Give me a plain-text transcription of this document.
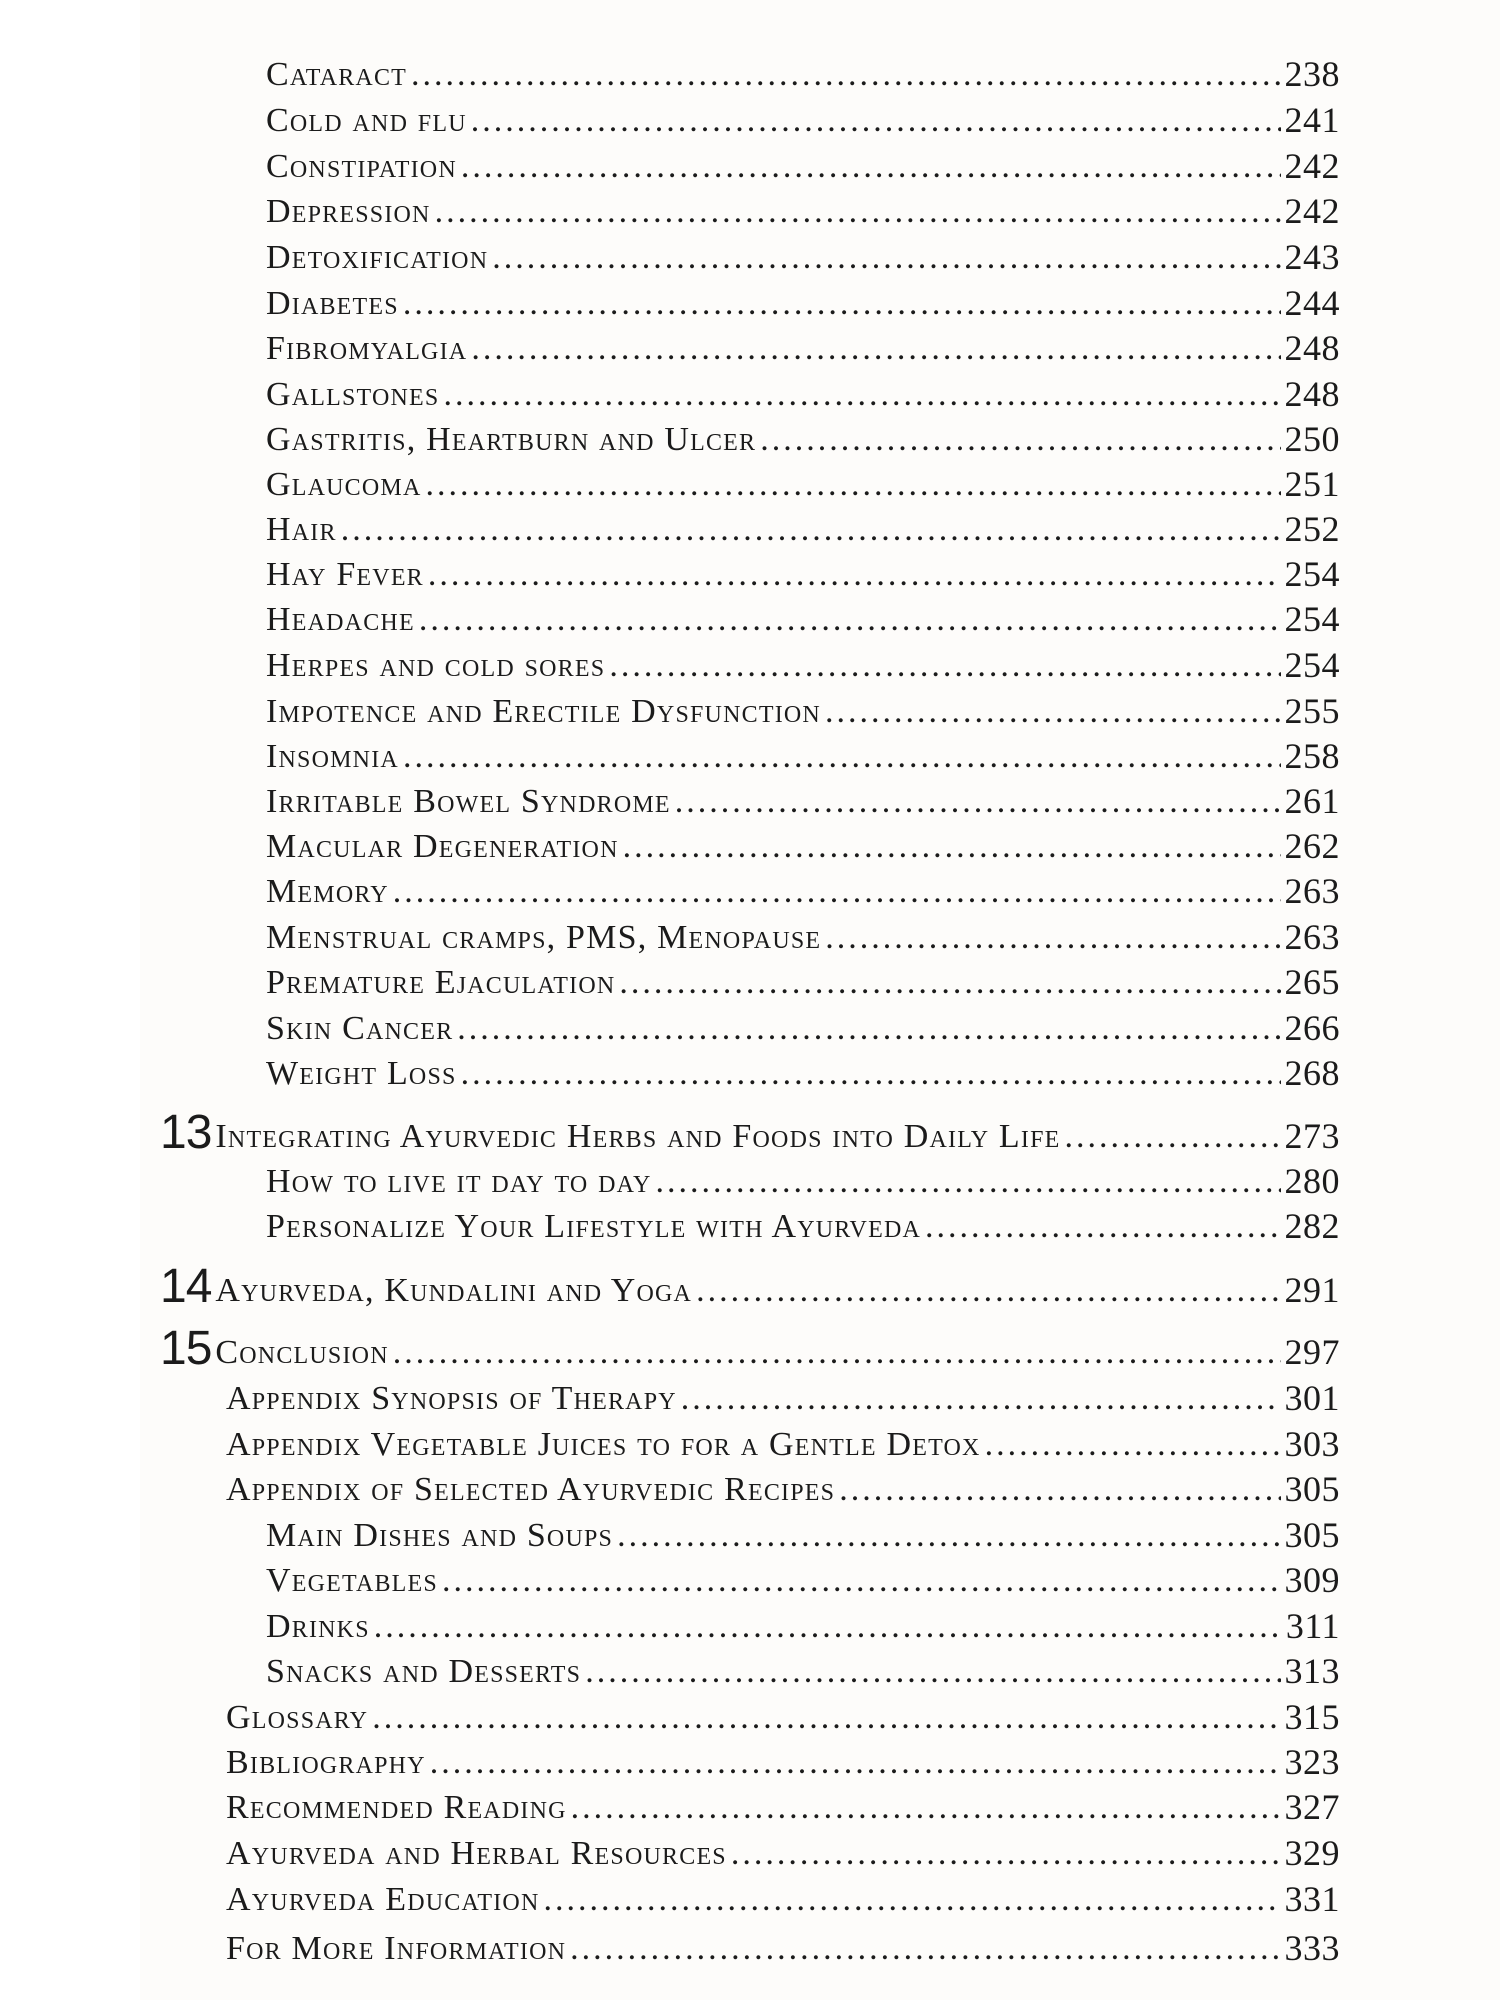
Cataract .....	238
Cold and flu .....	241
Constipation .....	242
Depression .....	242
Detoxification .....	243
Diabetes .....	244
Fibromyalgia .....	248
Gallstones .....	248
Gastritis, Heartburn and Ulcer .....	250
Glaucoma .....	251
Hair .....	252
Hay Fever .....	254
Headache .....	254
Herpes and cold sores .....	254
Impotence and Erectile Dysfunction .....	255
Insomnia .....	258
Irritable Bowel Syndrome .....	261
Macular Degeneration .....	262
Memory .....	263
Menstrual cramps, PMS, Menopause .....	263
Premature Ejaculation .....	265
Skin Cancer .....	266
Weight Loss .....	268
13 Integrating Ayurvedic Herbs and Foods into Daily Life .....	273
How to live it day to day .....	280
Personalize Your Lifestyle with Ayurveda .....	282
14 Ayurveda, Kundalini and Yoga .....	291
15 Conclusion .....	297
Appendix Synopsis of Therapy .....	301
Appendix Vegetable Juices to for a Gentle Detox .....	303
Appendix of Selected Ayurvedic Recipes .....	305
Main Dishes and Soups .....	305
Vegetables .....	309
Drinks .....	311
Snacks and Desserts .....	313
Glossary .....	315
Bibliography .....	323
Recommended Reading .....	327
Ayurveda and Herbal Resources .....	329
Ayurveda Education .....	331
For More Information .....	333
